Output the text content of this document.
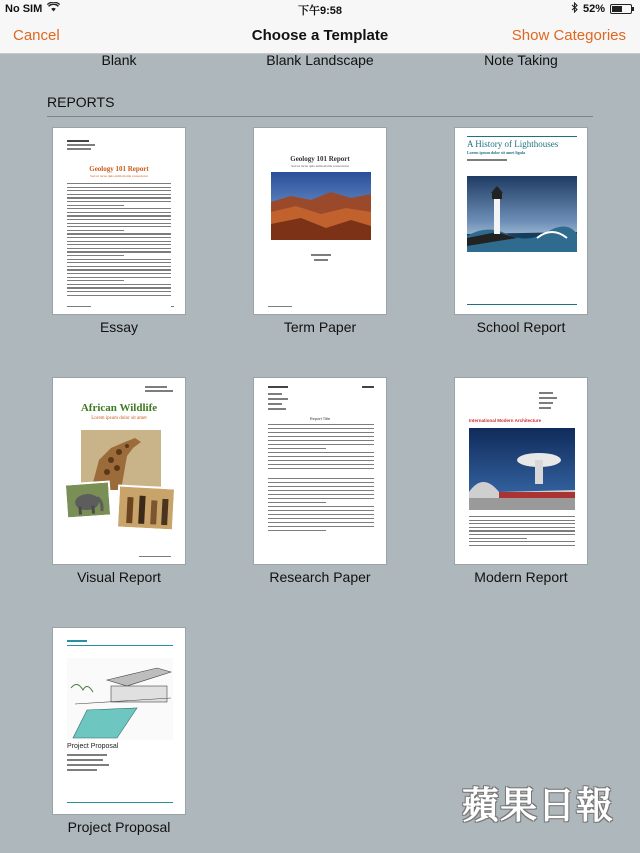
No SIM	下午9:58	52%
Cancel	Choose a Template	Show Categories
Blank	Blank Landscape	Note Taking
REPORTS
Geology 101 Report
Sed ut lacus quis enim mattis consectetur
Essay
Geology 101 Report
Sed ut lacus quis enim mattis consectetur
Term Paper
A History of Lighthouses
Lorem ipsum dolor sit amet ligula
School Report
African Wildlife
Lorem ipsum dolor sit amet
Visual Report
Report Title
Research Paper
International Modern Architecture
Modern Report
Project Proposal
Project Proposal
蘋果日報
